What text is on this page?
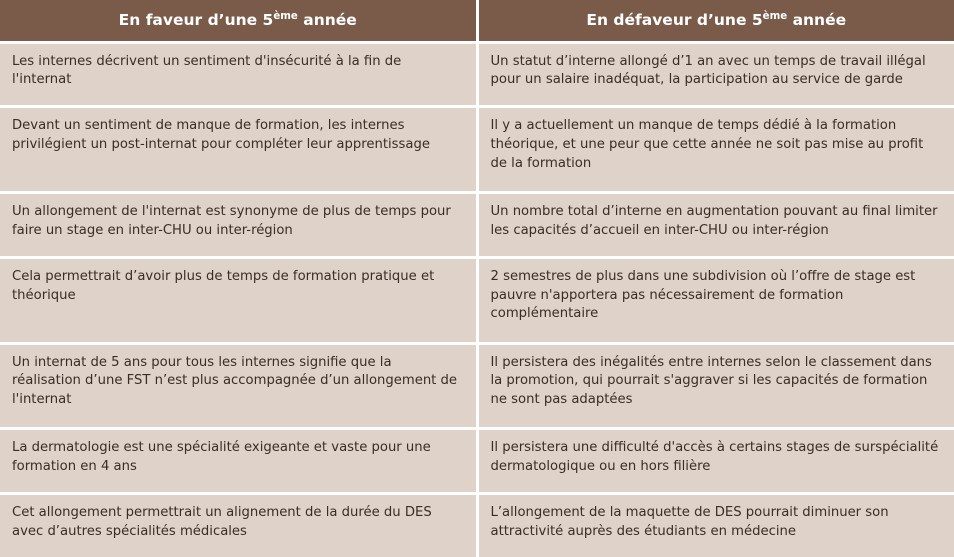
En faveur d’une 5ème année	En défaveur d’une 5ème année
Les internes décrivent un sentiment d'insécurité à la fin de l'internat	Un statut d’interne allongé d’1 an avec un temps de travail illégal pour un salaire inadéquat, la participation au service de garde
Devant un sentiment de manque de formation, les internes privilégient un post-internat pour compléter leur apprentissage	Il y a actuellement un manque de temps dédié à la formation théorique, et une peur que cette année ne soit pas mise au profit de la formation
Un allongement de l'internat est synonyme de plus de temps pour faire un stage en inter-CHU ou inter-région	Un nombre total d’interne en augmentation pouvant au final limiter les capacités d’accueil en inter-CHU ou inter-région
Cela permettrait d’avoir plus de temps de formation pratique et théorique	2 semestres de plus dans une subdivision où l’offre de stage est pauvre n'apportera pas nécessairement de formation complémentaire
Un internat de 5 ans pour tous les internes signifie que la réalisation d’une FST n’est plus accompagnée d’un allongement de l'internat	Il persistera des inégalités entre internes selon le classement dans la promotion, qui pourrait s'aggraver si les capacités de formation ne sont pas adaptées
La dermatologie est une spécialité exigeante et vaste pour une formation en 4 ans	Il persistera une difficulté d'accès à certains stages de surspécialité dermatologique ou en hors filière
Cet allongement permettrait un alignement de la durée du DES avec d’autres spécialités médicales	L’allongement de la maquette de DES pourrait diminuer son attractivité auprès des étudiants en médecine
